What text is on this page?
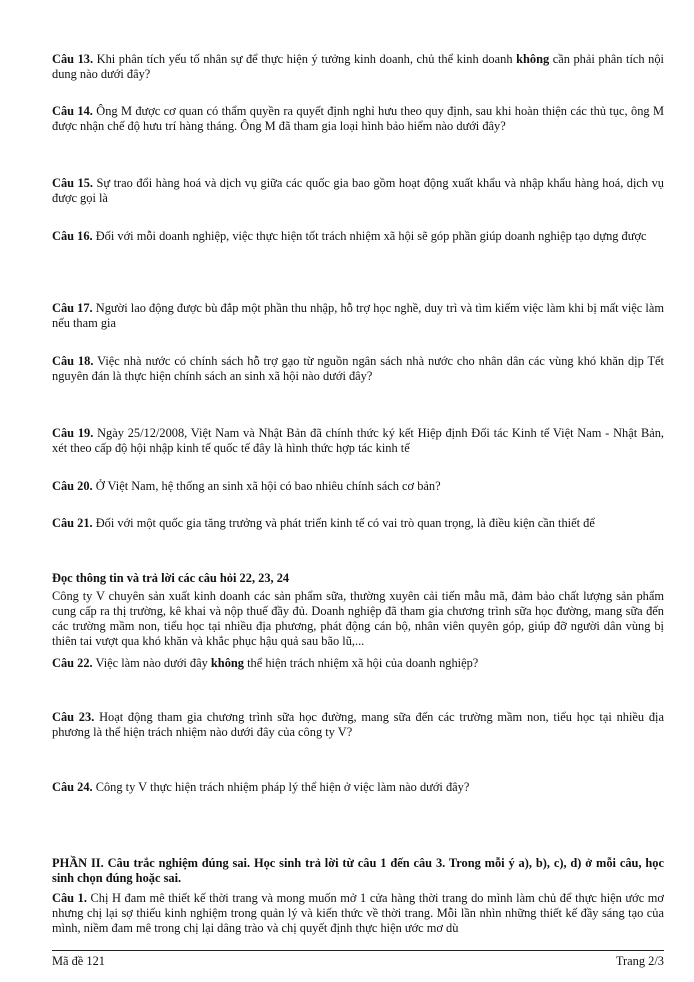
Câu 13. Khi phân tích yếu tố nhân sự để thực hiện ý tưởng kinh doanh, chủ thể kinh doanh không cần phải phân tích nội dung nào dưới đây?
Câu 14. Ông M được cơ quan có thẩm quyền ra quyết định nghỉ hưu theo quy định, sau khi hoàn thiện các thủ tục, ông M được nhận chế độ hưu trí hàng tháng. Ông M đã tham gia loại hình bảo hiểm nào dưới đây?
Câu 15. Sự trao đổi hàng hoá và dịch vụ giữa các quốc gia bao gồm hoạt động xuất khẩu và nhập khẩu hàng hoá, dịch vụ được gọi là
Câu 16. Đối với mỗi doanh nghiệp, việc thực hiện tốt trách nhiệm xã hội sẽ góp phần giúp doanh nghiệp tạo dựng được
Câu 17. Người lao động được bù đắp một phần thu nhập, hỗ trợ học nghề, duy trì và tìm kiếm việc làm khi bị mất việc làm nếu tham gia
Câu 18. Việc nhà nước có chính sách hỗ trợ gạo từ nguồn ngân sách nhà nước cho nhân dân các vùng khó khăn dịp Tết nguyên đán là thực hiện chính sách an sinh xã hội nào dưới đây?
Câu 19. Ngày 25/12/2008, Việt Nam và Nhật Bản đã chính thức ký kết Hiệp định Đối tác Kinh tế Việt Nam - Nhật Bản, xét theo cấp độ hội nhập kinh tế quốc tế đây là hình thức hợp tác kinh tế
Câu 20. Ở Việt Nam, hệ thống an sinh xã hội có bao nhiêu chính sách cơ bản?
Câu 21. Đối với một quốc gia tăng trưởng và phát triển kinh tế có vai trò quan trọng, là điều kiện cần thiết để
Đọc thông tin và trả lời các câu hỏi 22, 23, 24
Công ty V chuyên sản xuất kinh doanh các sản phẩm sữa, thường xuyên cải tiến mẫu mã, đảm bảo chất lượng sản phẩm cung cấp ra thị trường, kê khai và nộp thuế đầy đủ. Doanh nghiệp đã tham gia chương trình sữa học đường, mang sữa đến các trường mầm non, tiểu học tại nhiều địa phương, phát động cán bộ, nhân viên quyên góp, giúp đỡ người dân vùng bị thiên tai vượt qua khó khăn và khắc phục hậu quả sau bão lũ,...
Câu 22. Việc làm nào dưới đây không thể hiện trách nhiệm xã hội của doanh nghiệp?
Câu 23. Hoạt động tham gia chương trình sữa học đường, mang sữa đến các trường mầm non, tiểu học tại nhiều địa phương là thể hiện trách nhiệm nào dưới đây của công ty V?
Câu 24. Công ty V thực hiện trách nhiệm pháp lý thể hiện ở việc làm nào dưới đây?
PHẦN II. Câu trắc nghiệm đúng sai. Học sinh trả lời từ câu 1 đến câu 3. Trong mỗi ý a), b), c), d) ở mỗi câu, học sinh chọn đúng hoặc sai.
Câu 1. Chị H đam mê thiết kế thời trang và mong muốn mở 1 cửa hàng thời trang do mình làm chủ để thực hiện ước mơ nhưng chị lại sợ thiếu kinh nghiệm trong quản lý và kiến thức về thời trang. Mỗi lần nhìn những thiết kế đầy sáng tạo của mình, niềm đam mê trong chị lại dâng trào và chị quyết định thực hiện ước mơ dù
Mã đề 121	Trang 2/3
